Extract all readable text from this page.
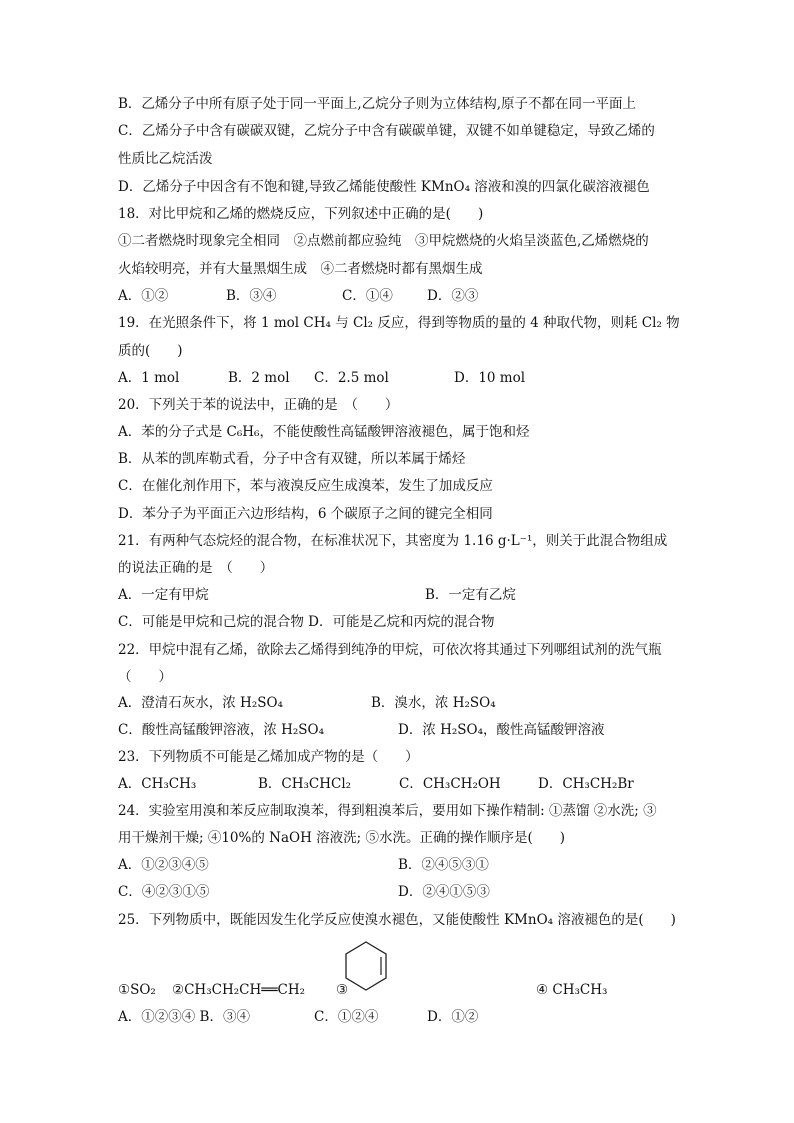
B．乙烯分子中所有原子处于同一平面上,乙烷分子则为立体结构,原子不都在同一平面上
C．乙烯分子中含有碳碳双键，乙烷分子中含有碳碳单键，双键不如单键稳定，导致乙烯的
性质比乙烷活泼
D．乙烯分子中因含有不饱和键,导致乙烯能使酸性 KMnO₄ 溶液和溴的四氯化碳溶液褪色
18．对比甲烷和乙烯的燃烧反应，下列叙述中正确的是(　　)
①二者燃烧时现象完全相同　②点燃前都应验纯　③甲烷燃烧的火焰呈淡蓝色,乙烯燃烧的
火焰较明亮，并有大量黑烟生成　④二者燃烧时都有黑烟生成
A．①②	B．③④	C．①④	D．②③
19．在光照条件下，将 1 mol CH₄ 与 Cl₂ 反应，得到等物质的量的 4 种取代物，则耗 Cl₂ 物
质的(　　)
A．1 mol	B．2 mol C．2.5 mol	D．10 mol
20．下列关于苯的说法中，正确的是　（　　）
A．苯的分子式是 C₆H₆，不能使酸性高锰酸钾溶液褪色，属于饱和烃
B．从苯的凯库勒式看，分子中含有双键，所以苯属于烯烃
C．在催化剂作用下，苯与液溴反应生成溴苯，发生了加成反应
D．苯分子为平面正六边形结构，6 个碳原子之间的键完全相同
21．有两种气态烷烃的混合物，在标准状况下，其密度为 1.16 g·L⁻¹，则关于此混合物组成
的说法正确的是　（　　）
A．一定有甲烷	B．一定有乙烷
C．可能是甲烷和己烷的混合物 D．可能是乙烷和丙烷的混合物
22．甲烷中混有乙烯，欲除去乙烯得到纯净的甲烷，可依次将其通过下列哪组试剂的洗气瓶
（　　）
A．澄清石灰水，浓 H₂SO₄	B．溴水，浓 H₂SO₄
C．酸性高锰酸钾溶液，浓 H₂SO₄	D．浓 H₂SO₄，酸性高锰酸钾溶液
23．下列物质不可能是乙烯加成产物的是（　　）
A．CH₃CH₃	B．CH₃CHCl₂	C．CH₃CH₂OH	D．CH₃CH₂Br
24．实验室用溴和苯反应制取溴苯，得到粗溴苯后，要用如下操作精制: ①蒸馏 ②水洗; ③
用干燥剂干燥; ④10%的 NaOH 溶液洗; ⑤水洗。正确的操作顺序是(　　)
A．①②③④⑤	B．②④⑤③①
C．④②③①⑤	D．②④①⑤③
25．下列物质中，既能因发生化学反应使溴水褪色，又能使酸性 KMnO₄ 溶液褪色的是(　　)
①SO₂ ②CH₃CH₂CH══CH₂ ③	④ CH₃CH₃
A．①②③④ B．③④	C．①②④	D．①②
